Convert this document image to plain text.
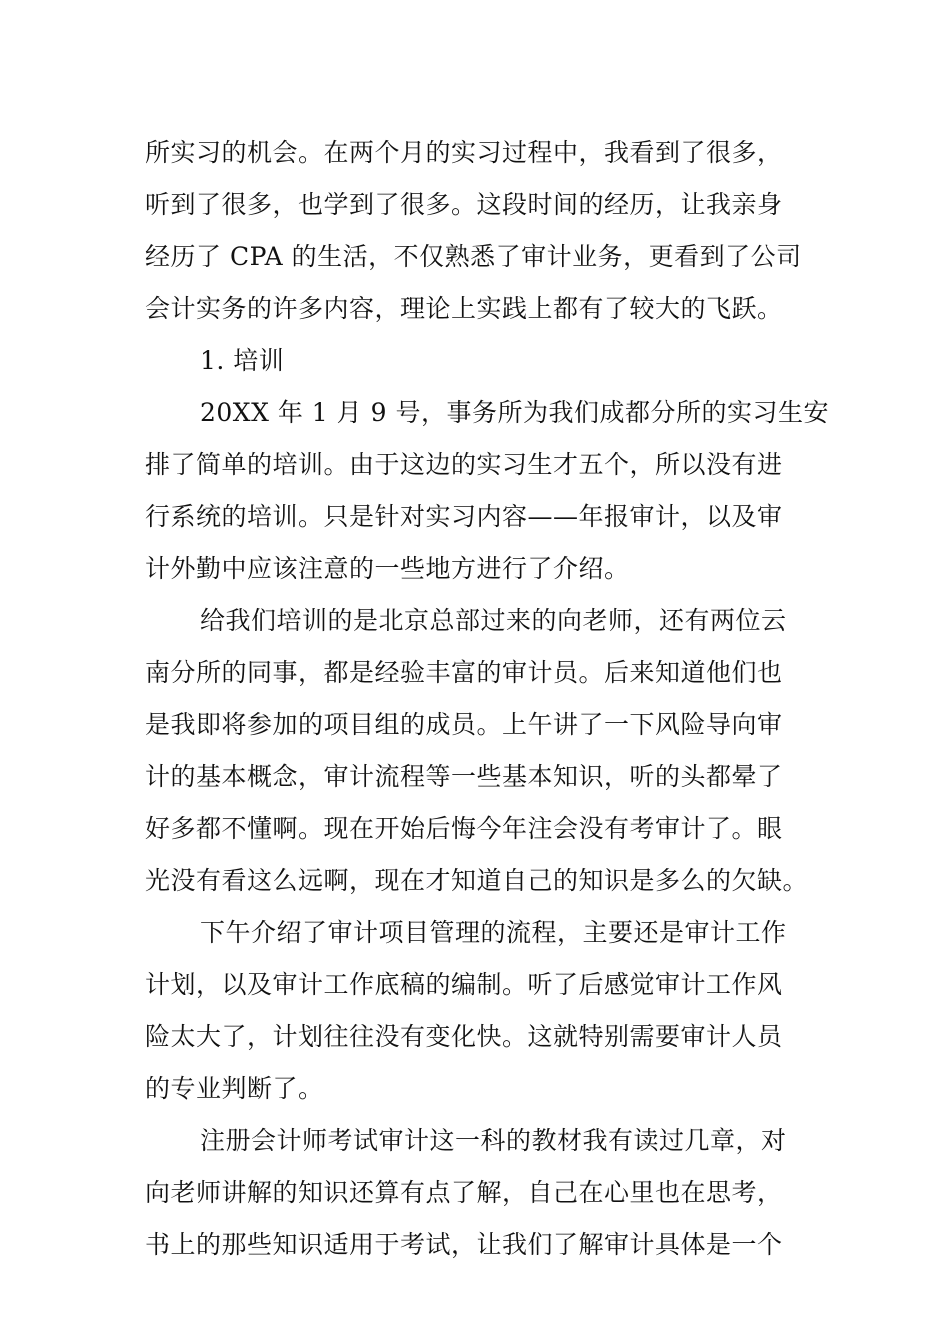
所实习的机会。在两个月的实习过程中，我看到了很多，
听到了很多，也学到了很多。这段时间的经历，让我亲身
经历了 CPA 的生活，不仅熟悉了审计业务，更看到了公司
会计实务的许多内容，理论上实践上都有了较大的飞跃。
1. 培训
20XX 年 1 月 9 号，事务所为我们成都分所的实习生安
排了简单的培训。由于这边的实习生才五个，所以没有进
行系统的培训。只是针对实习内容——年报审计，以及审
计外勤中应该注意的一些地方进行了介绍。
给我们培训的是北京总部过来的向老师，还有两位云
南分所的同事，都是经验丰富的审计员。后来知道他们也
是我即将参加的项目组的成员。上午讲了一下风险导向审
计的基本概念，审计流程等一些基本知识，听的头都晕了
好多都不懂啊。现在开始后悔今年注会没有考审计了。眼
光没有看这么远啊，现在才知道自己的知识是多么的欠缺。
下午介绍了审计项目管理的流程，主要还是审计工作
计划，以及审计工作底稿的编制。听了后感觉审计工作风
险太大了，计划往往没有变化快。这就特别需要审计人员
的专业判断了。
注册会计师考试审计这一科的教材我有读过几章，对
向老师讲解的知识还算有点了解，自己在心里也在思考，
书上的那些知识适用于考试，让我们了解审计具体是一个
